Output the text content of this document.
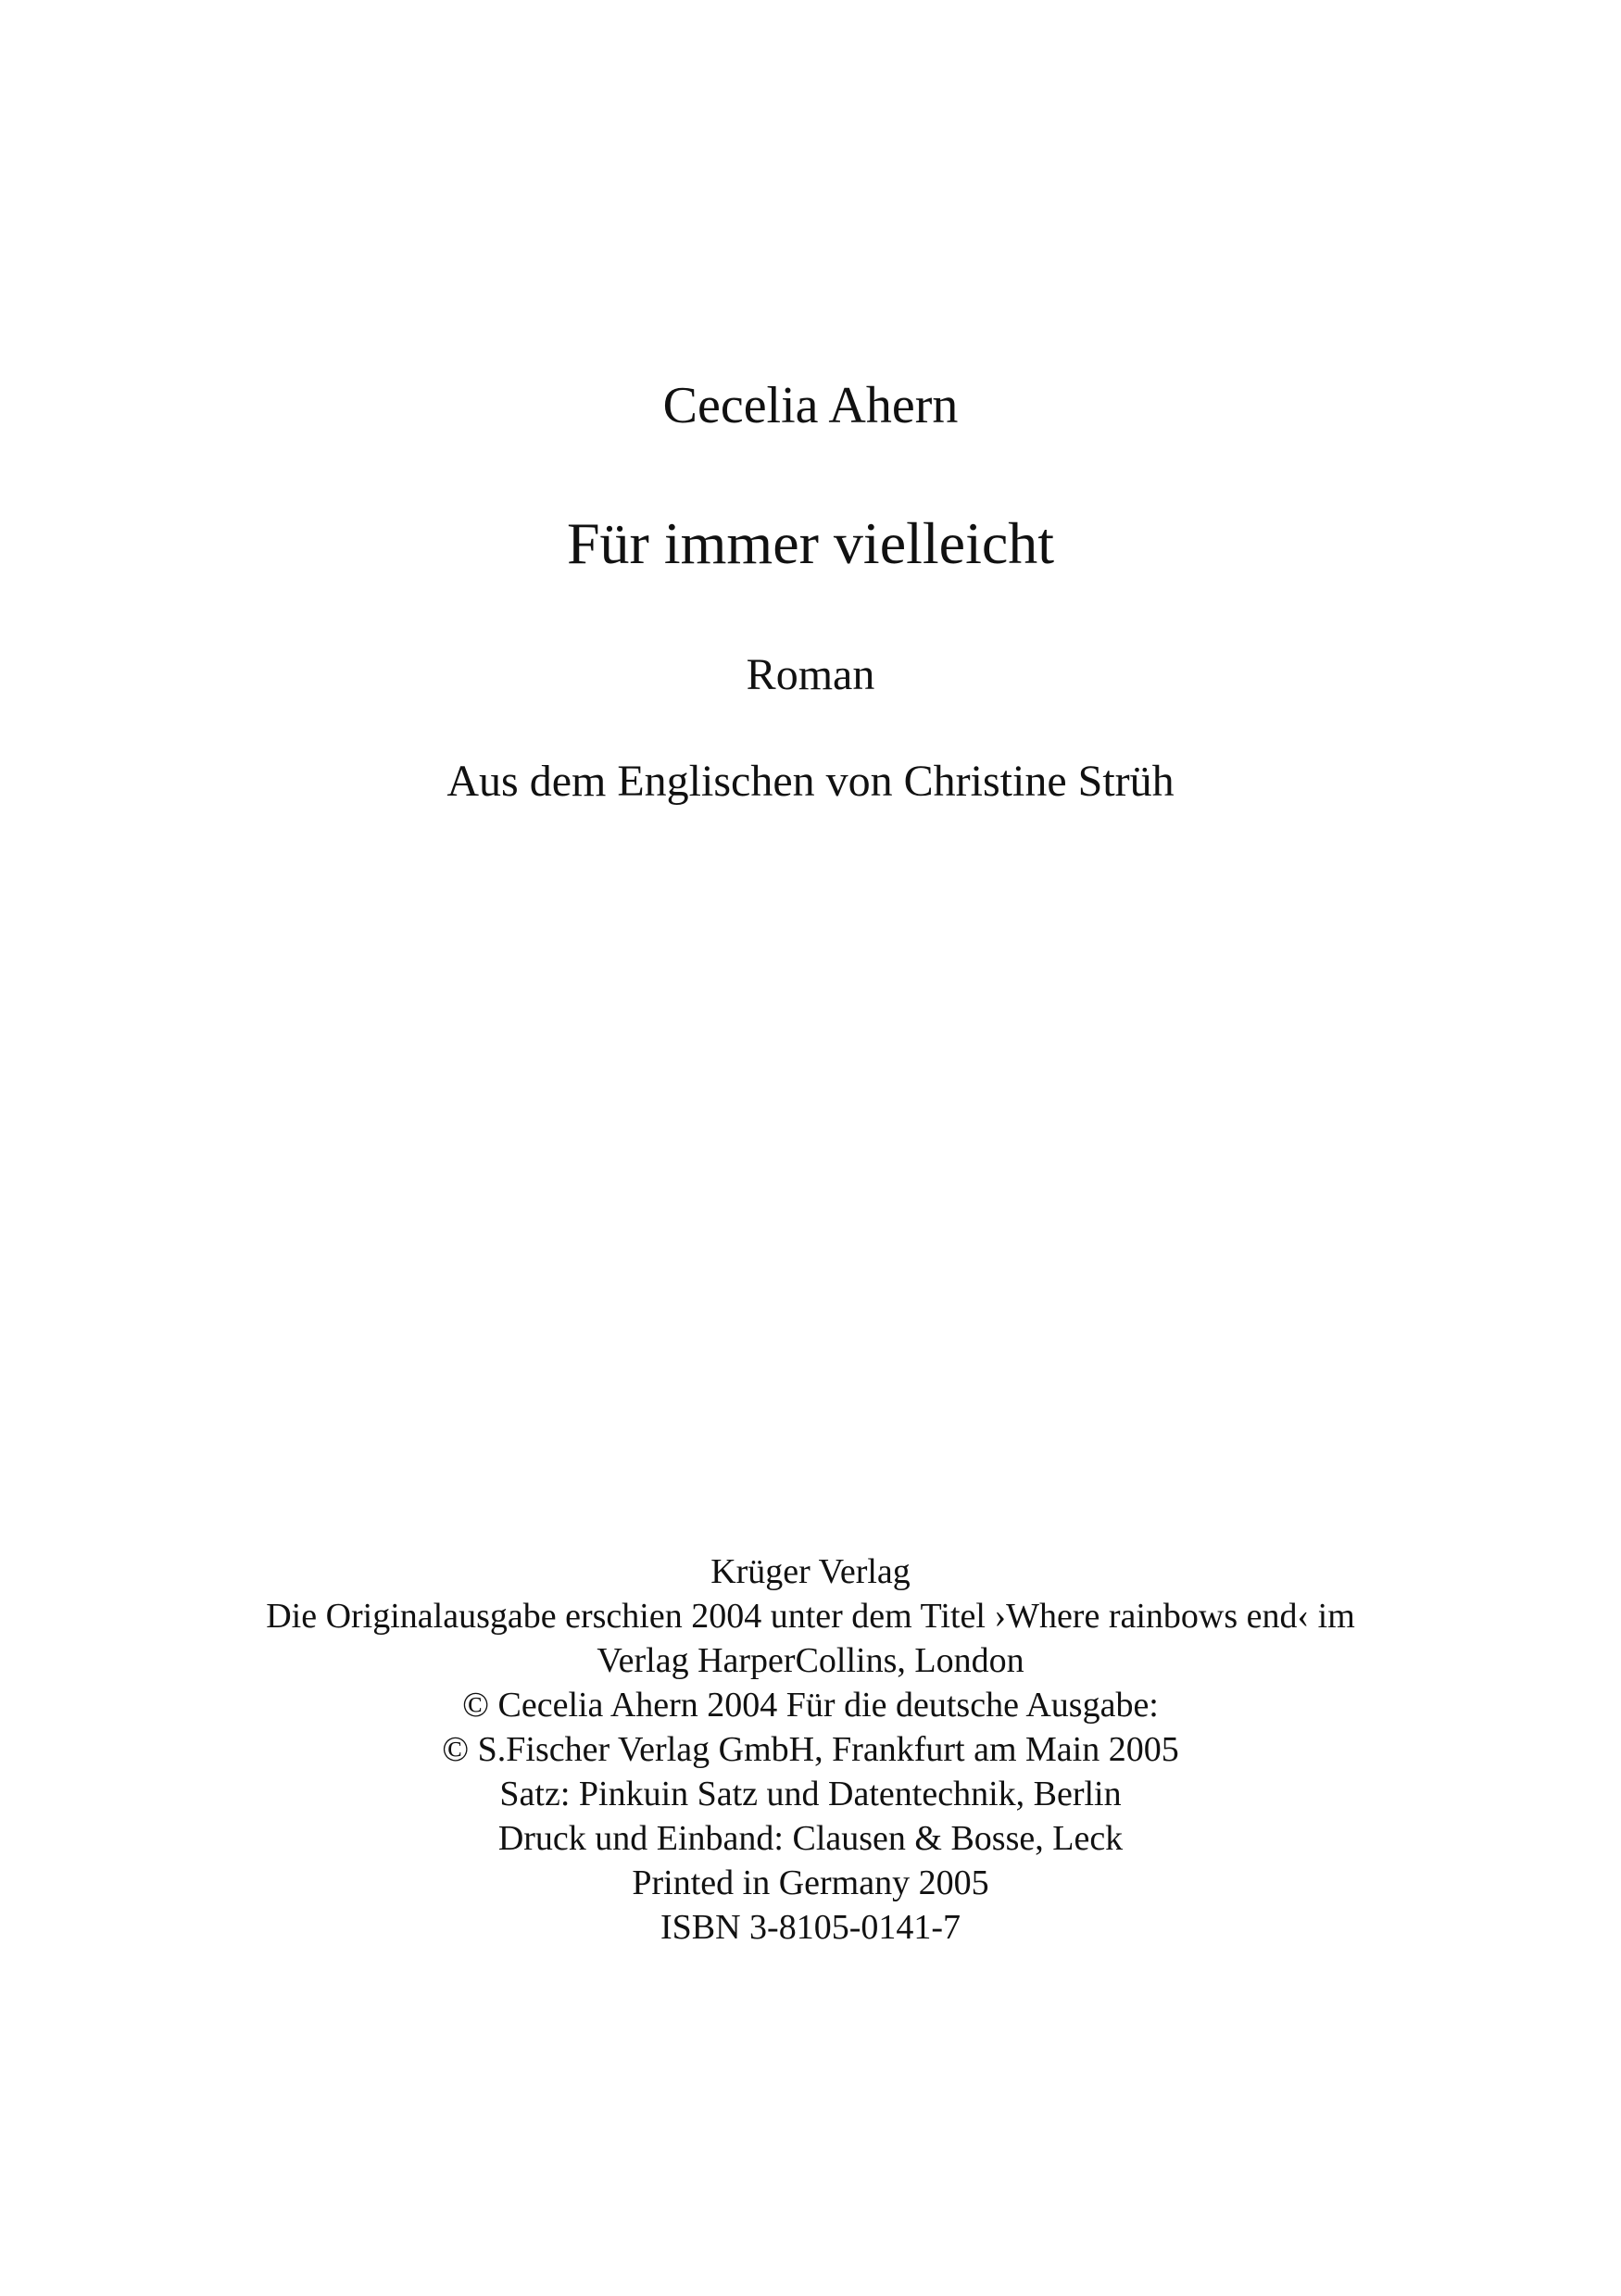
Cecelia Ahern
Für immer vielleicht
Roman
Aus dem Englischen von Christine Strüh
Krüger Verlag
Die Originalausgabe erschien 2004 unter dem Titel ›Where rainbows end‹ im
Verlag HarperCollins, London
© Cecelia Ahern 2004 Für die deutsche Ausgabe:
© S.Fischer Verlag GmbH, Frankfurt am Main 2005
Satz: Pinkuin Satz und Datentechnik, Berlin
Druck und Einband: Clausen & Bosse, Leck
Printed in Germany 2005
ISBN 3-8105-0141-7
